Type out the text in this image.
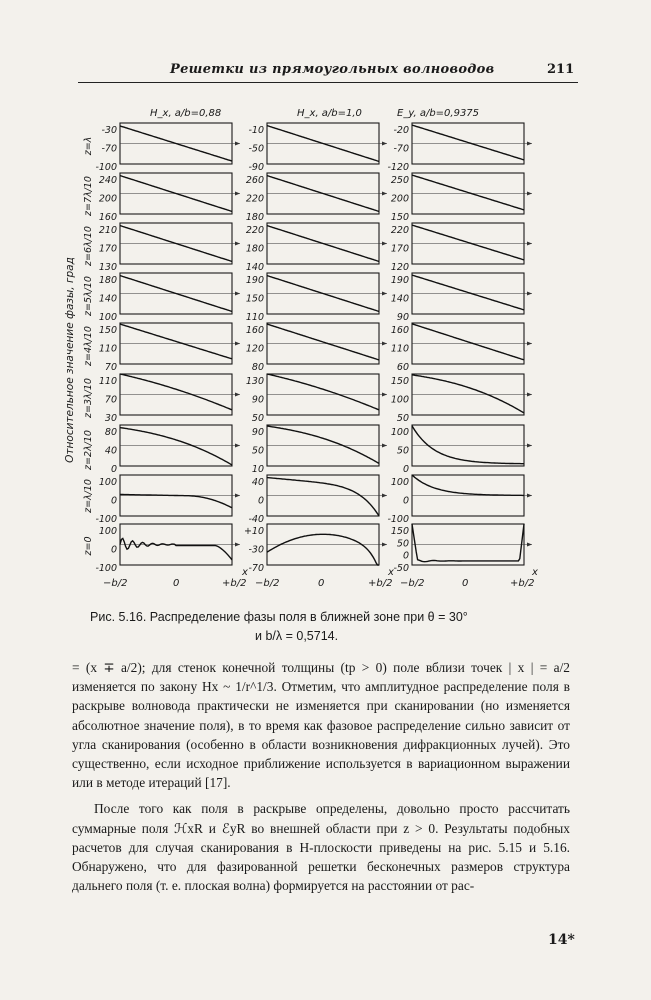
Решетки из прямоугольных волноводов	211
H_x, a/b=0,88	H_x, a/b=1,0	E_y, a/b=0,9375
Относительное значение фазы, град
z=λ
z=7λ/10
z=6λ/10
z=5λ/10
z=4λ/10
z=3λ/10
z=2λ/10
z=λ/10
z=0
-30
-70
-100
-10
-50
-90
-20
-70
-120
240
200
160
260
220
180
250
200
150
210
170
130
220
180
140
220
170
120
180
140
100
190
150
110
190
140
90
150
110
70
160
120
80
160
110
60
110
70
30
130
90
50
150
100
50
80
40
0
90
50
10
100
50
0
100
0
-100
40
0
-40
100
0
-100
100
0
-100
+10
-30
-70
150
50
0
-50
−b/2	0	+b/2
x
−b/2	0	+b/2
x
−b/2	0	+b/2
x
Рис. 5.16. Распределение фазы поля в ближней зоне при θ = 30°
и b/λ = 0,5714.

= (x ∓ a/2); для стенок конечной толщины (tp > 0) поле вблизи точек | x | = a/2 изменяется по закону Hx ~ 1/r^1/3. Отметим, что амплитудное распределение поля в раскрыве волновода практически не изменяется при сканировании (но изменяется абсолютное значение поля), в то время как фазовое распределение сильно зависит от угла сканирования (особенно в области возникновения дифракционных лучей). Это существенно, если исходное приближение используется в вариационном выражении или в методе итераций [17].

После того как поля в раскрыве определены, довольно просто рассчитать суммарные поля ℋxR и ℰyR во внешней области при z > 0. Результаты подобных расчетов для случая сканирования в H-плоскости приведены на рис. 5.15 и 5.16. Обнаружено, что для фазированной решетки бесконечных размеров структура дальнего поля (т. е. плоская волна) формируется на расстоянии от рас-

14*
